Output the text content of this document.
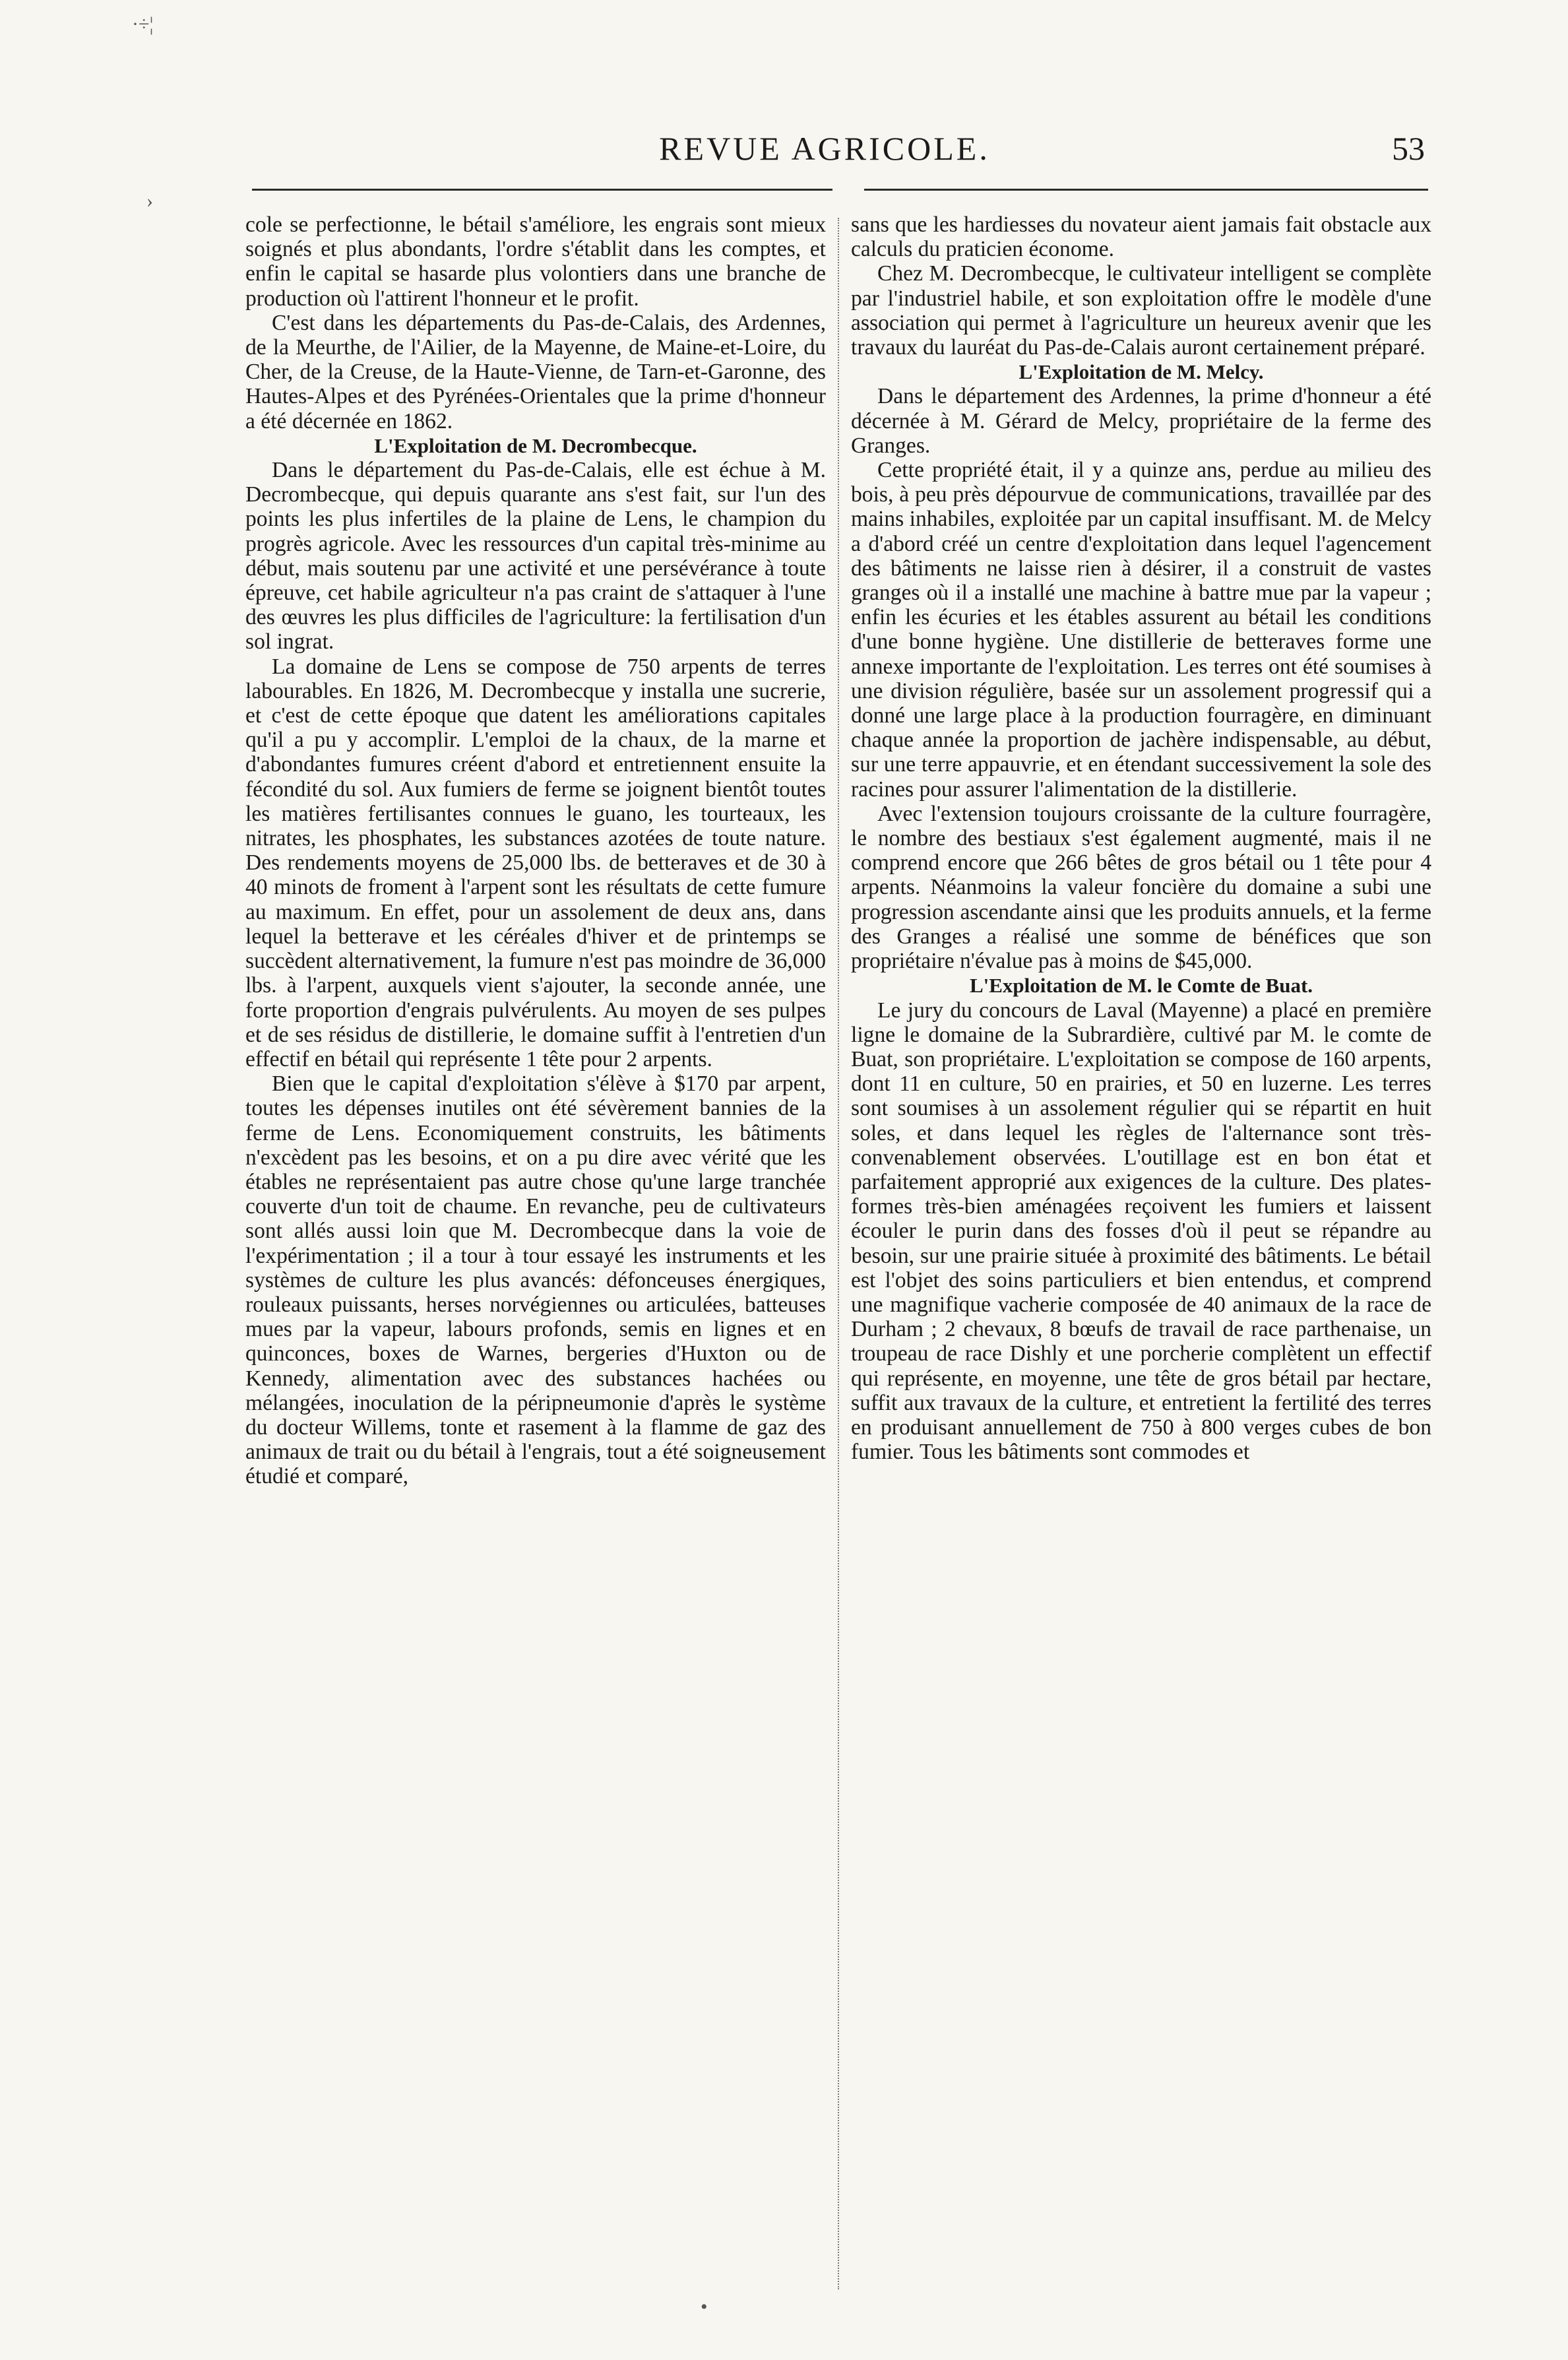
·÷¦
›
REVUE AGRICOLE.	53

cole se perfectionne, le bétail s'améliore, les engrais sont mieux soignés et plus abondants, l'ordre s'établit dans les comptes, et enfin le capital se hasarde plus volontiers dans une branche de production où l'attirent l'honneur et le profit.

C'est dans les départements du Pas-de-Calais, des Ardennes, de la Meurthe, de l'Ailier, de la Mayenne, de Maine-et-Loire, du Cher, de la Creuse, de la Haute-Vienne, de Tarn-et-Garonne, des Hautes-Alpes et des Pyrénées-Orientales que la prime d'honneur a été décernée en 1862.

L'Exploitation de M. Decrombecque.

Dans le département du Pas-de-Calais, elle est échue à M. Decrombecque, qui depuis quarante ans s'est fait, sur l'un des points les plus infertiles de la plaine de Lens, le champion du progrès agricole. Avec les ressources d'un capital très-minime au début, mais soutenu par une activité et une persévérance à toute épreuve, cet habile agriculteur n'a pas craint de s'attaquer à l'une des œuvres les plus difficiles de l'agriculture: la fertilisation d'un sol ingrat.

La domaine de Lens se compose de 750 arpents de terres labourables. En 1826, M. Decrombecque y installa une sucrerie, et c'est de cette époque que datent les améliorations capitales qu'il a pu y accomplir. L'emploi de la chaux, de la marne et d'abondantes fumures créent d'abord et entretiennent ensuite la fécondité du sol. Aux fumiers de ferme se joignent bientôt toutes les matières fertilisantes connues le guano, les tourteaux, les nitrates, les phosphates, les substances azotées de toute nature. Des rendements moyens de 25,000 lbs. de betteraves et de 30 à 40 minots de froment à l'arpent sont les résultats de cette fumure au maximum. En effet, pour un assolement de deux ans, dans lequel la betterave et les céréales d'hiver et de printemps se succèdent alternativement, la fumure n'est pas moindre de 36,000 lbs. à l'arpent, auxquels vient s'ajouter, la seconde année, une forte proportion d'engrais pulvérulents. Au moyen de ses pulpes et de ses résidus de distillerie, le domaine suffit à l'entretien d'un effectif en bétail qui représente 1 tête pour 2 arpents.

Bien que le capital d'exploitation s'élève à $170 par arpent, toutes les dépenses inutiles ont été sévèrement bannies de la ferme de Lens. Economiquement construits, les bâtiments n'excèdent pas les besoins, et on a pu dire avec vérité que les étables ne représentaient pas autre chose qu'une large tranchée couverte d'un toit de chaume. En revanche, peu de cultivateurs sont allés aussi loin que M. Decrombecque dans la voie de l'expérimentation ; il a tour à tour essayé les instruments et les systèmes de culture les plus avancés: défonceuses énergiques, rouleaux puissants, herses norvégiennes ou articulées, batteuses mues par la vapeur, labours profonds, semis en lignes et en quinconces, boxes de Warnes, bergeries d'Huxton ou de Kennedy, alimentation avec des substances hachées ou mélangées, inoculation de la péripneumonie d'après le système du docteur Willems, tonte et rasement à la flamme de gaz des animaux de trait ou du bétail à l'engrais, tout a été soigneusement étudié et comparé,

sans que les hardiesses du novateur aient jamais fait obstacle aux calculs du praticien économe.

Chez M. Decrombecque, le cultivateur intelligent se complète par l'industriel habile, et son exploitation offre le modèle d'une association qui permet à l'agriculture un heureux avenir que les travaux du lauréat du Pas-de-Calais auront certainement préparé.

L'Exploitation de M. Melcy.

Dans le département des Ardennes, la prime d'honneur a été décernée à M. Gérard de Melcy, propriétaire de la ferme des Granges.

Cette propriété était, il y a quinze ans, perdue au milieu des bois, à peu près dépourvue de communications, travaillée par des mains inhabiles, exploitée par un capital insuffisant. M. de Melcy a d'abord créé un centre d'exploitation dans lequel l'agencement des bâtiments ne laisse rien à désirer, il a construit de vastes granges où il a installé une machine à battre mue par la vapeur ; enfin les écuries et les étables assurent au bétail les conditions d'une bonne hygiène. Une distillerie de betteraves forme une annexe importante de l'exploitation. Les terres ont été soumises à une division régulière, basée sur un assolement progressif qui a donné une large place à la production fourragère, en diminuant chaque année la proportion de jachère indispensable, au début, sur une terre appauvrie, et en étendant successivement la sole des racines pour assurer l'alimentation de la distillerie.

Avec l'extension toujours croissante de la culture fourragère, le nombre des bestiaux s'est également augmenté, mais il ne comprend encore que 266 bêtes de gros bétail ou 1 tête pour 4 arpents. Néanmoins la valeur foncière du domaine a subi une progression ascendante ainsi que les produits annuels, et la ferme des Granges a réalisé une somme de bénéfices que son propriétaire n'évalue pas à moins de $45,000.

L'Exploitation de M. le Comte de Buat.

Le jury du concours de Laval (Mayenne) a placé en première ligne le domaine de la Subrardière, cultivé par M. le comte de Buat, son propriétaire. L'exploitation se compose de 160 arpents, dont 11 en culture, 50 en prairies, et 50 en luzerne. Les terres sont soumises à un assolement régulier qui se répartit en huit soles, et dans lequel les règles de l'alternance sont très-convenablement observées. L'outillage est en bon état et parfaitement approprié aux exigences de la culture. Des plates-formes très-bien aménagées reçoivent les fumiers et laissent écouler le purin dans des fosses d'où il peut se répandre au besoin, sur une prairie située à proximité des bâtiments. Le bétail est l'objet des soins particuliers et bien entendus, et comprend une magnifique vacherie composée de 40 animaux de la race de Durham ; 2 chevaux, 8 bœufs de travail de race parthenaise, un troupeau de race Dishly et une porcherie complètent un effectif qui représente, en moyenne, une tête de gros bétail par hectare, suffit aux travaux de la culture, et entretient la fertilité des terres en produisant annuellement de 750 à 800 verges cubes de bon fumier. Tous les bâtiments sont commodes et

•
